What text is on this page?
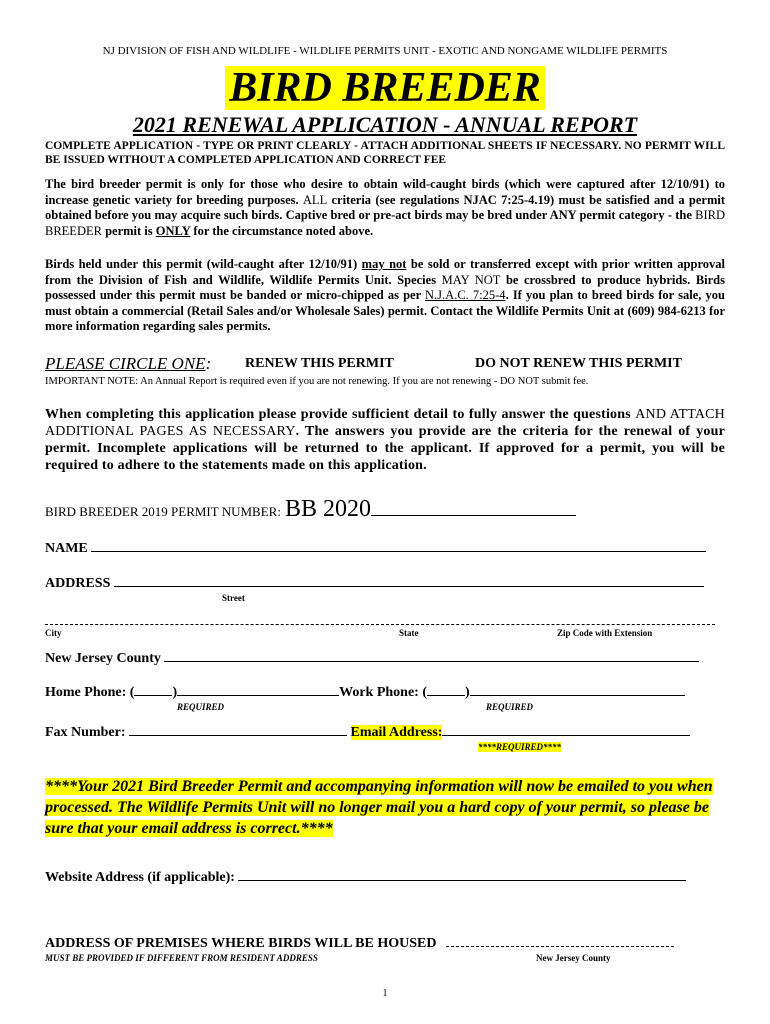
NJ DIVISION OF FISH AND WILDLIFE - WILDLIFE PERMITS UNIT - EXOTIC AND NONGAME WILDLIFE PERMITS
BIRD BREEDER
2021 RENEWAL APPLICATION - ANNUAL REPORT
COMPLETE APPLICATION - TYPE OR PRINT CLEARLY - ATTACH ADDITIONAL SHEETS IF NECESSARY. NO PERMIT WILL BE ISSUED WITHOUT A COMPLETED APPLICATION AND CORRECT FEE
The bird breeder permit is only for those who desire to obtain wild-caught birds (which were captured after 12/10/91) to increase genetic variety for breeding purposes. ALL criteria (see regulations NJAC 7:25-4.19) must be satisfied and a permit obtained before you may acquire such birds. Captive bred or pre-act birds may be bred under ANY permit category - the BIRD BREEDER permit is ONLY for the circumstance noted above.
Birds held under this permit (wild-caught after 12/10/91) may not be sold or transferred except with prior written approval from the Division of Fish and Wildlife, Wildlife Permits Unit. Species MAY NOT be crossbred to produce hybrids. Birds possessed under this permit must be banded or micro-chipped as per N.J.A.C. 7:25-4. If you plan to breed birds for sale, you must obtain a commercial (Retail Sales and/or Wholesale Sales) permit. Contact the Wildlife Permits Unit at (609) 984-6213 for more information regarding sales permits.
PLEASE CIRCLE ONE: RENEW THIS PERMIT	DO NOT RENEW THIS PERMIT
IMPORTANT NOTE: An Annual Report is required even if you are not renewing. If you are not renewing - DO NOT submit fee.
When completing this application please provide sufficient detail to fully answer the questions AND ATTACH ADDITIONAL PAGES AS NECESSARY. The answers you provide are the criteria for the renewal of your permit. Incomplete applications will be returned to the applicant. If approved for a permit, you will be required to adhere to the statements made on this application.
BIRD BREEDER 2019 PERMIT NUMBER: BB 2020
NAME
ADDRESS
Street
City	State	Zip Code with Extension
New Jersey County
Home Phone: (	)	Work Phone: (	)
REQUIRED	REQUIRED
Fax Number:	Email Address:
****REQUIRED****
****Your 2021 Bird Breeder Permit and accompanying information will now be emailed to you when processed. The Wildlife Permits Unit will no longer mail you a hard copy of your permit, so please be sure that your email address is correct.****
Website Address (if applicable):
ADDRESS OF PREMISES WHERE BIRDS WILL BE HOUSED
MUST BE PROVIDED IF DIFFERENT FROM RESIDENT ADDRESS	New Jersey County
1
